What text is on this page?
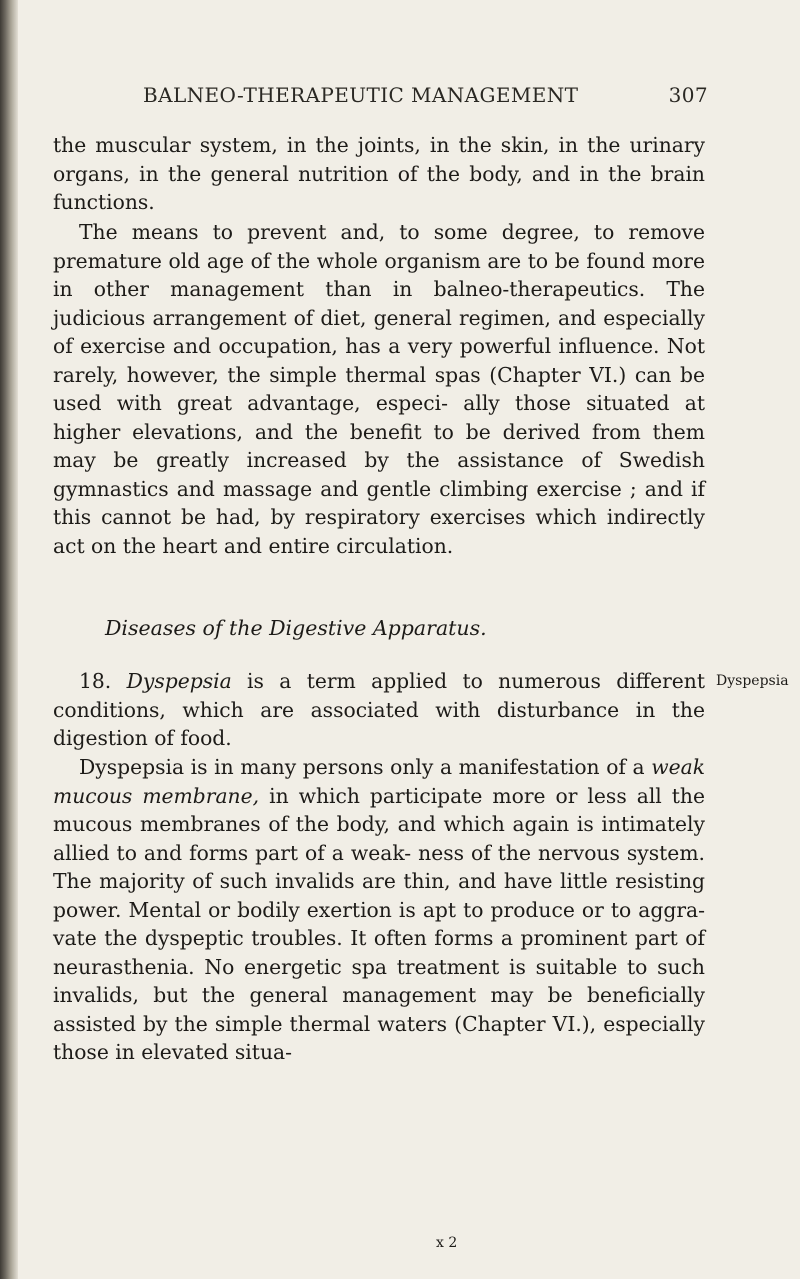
BALNEO-THERAPEUTIC MANAGEMENT	307

the muscular system, in the joints, in the skin, in the urinary organs, in the general nutrition of the body, and in the brain functions.

The means to prevent and, to some degree, to remove premature old age of the whole organism are to be found more in other management than in balneo-therapeutics. The judicious arrangement of diet, general regimen, and especially of exercise and occupation, has a very powerful influence. Not rarely, however, the simple thermal spas (Chapter VI.) can be used with great advantage, especi- ally those situated at higher elevations, and the benefit to be derived from them may be greatly increased by the assistance of Swedish gymnastics and massage and gentle climbing exercise ; and if this cannot be had, by respiratory exercises which indirectly act on the heart and entire circulation.

Diseases of the Digestive Apparatus.

18. Dyspepsia is a term applied to numerous different conditions, which are associated with disturbance in the digestion of food.

Dyspepsia

Dyspepsia is in many persons only a manifestation of a weak mucous membrane, in which participate more or less all the mucous membranes of the body, and which again is intimately allied to and forms part of a weak- ness of the nervous system. The majority of such invalids are thin, and have little resisting power. Mental or bodily exertion is apt to produce or to aggra- vate the dyspeptic troubles. It often forms a prominent part of neurasthenia. No energetic spa treatment is suitable to such invalids, but the general management may be beneficially assisted by the simple thermal waters (Chapter VI.), especially those in elevated situa-

x 2
